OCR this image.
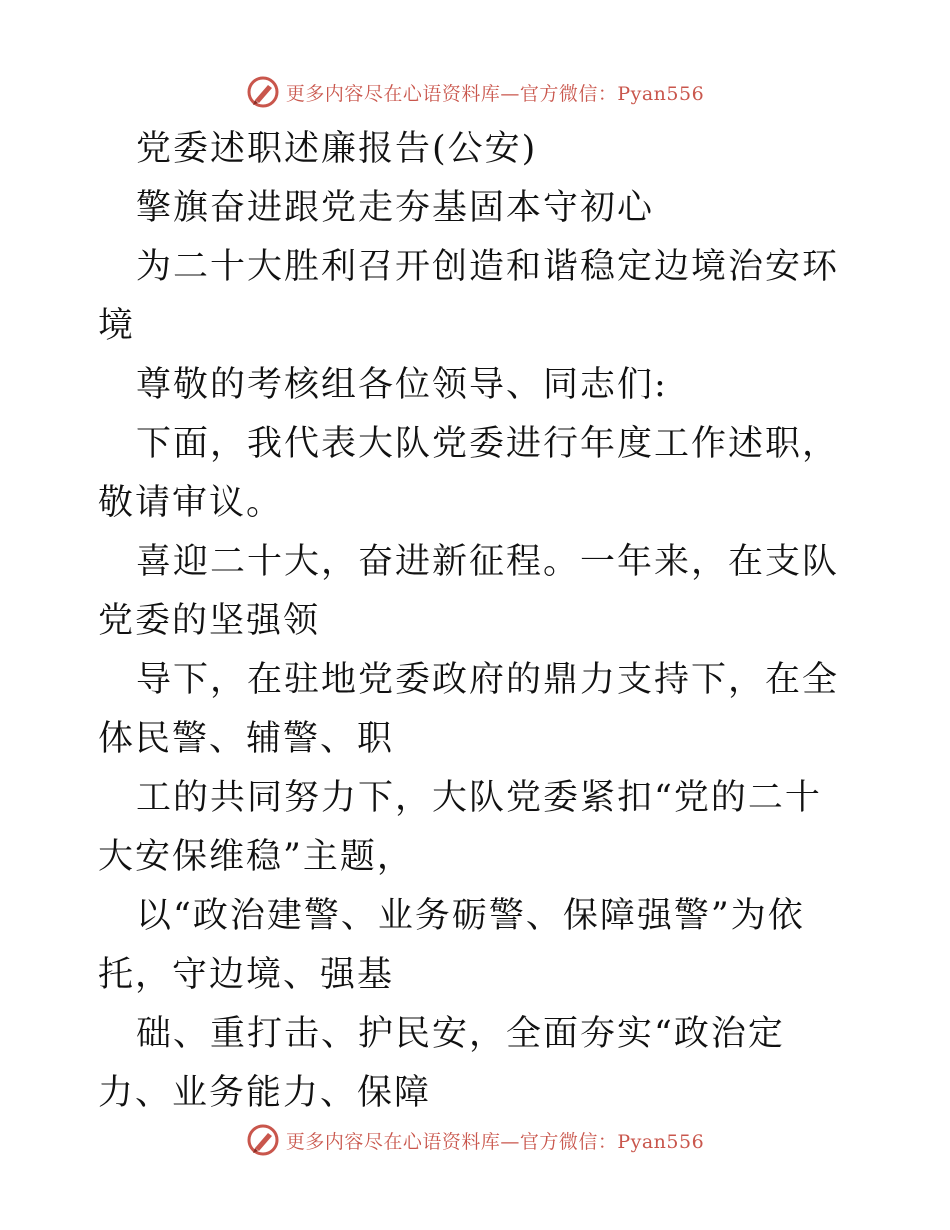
更多内容尽在心语资料库—官方微信：Pyan556

党委述职述廉报告(公安)

擎旗奋进跟党走夯基固本守初心

为二十大胜利召开创造和谐稳定边境治安环境

尊敬的考核组各位领导、同志们:

下面，我代表大队党委进行年度工作述职，敬请审议。

喜迎二十大，奋进新征程。一年来，在支队党委的坚强领

导下，在驻地党委政府的鼎力支持下，在全体民警、辅警、职

工的共同努力下，大队党委紧扣“党的二十大安保维稳”主题，

以“政治建警、业务砺警、保障强警”为依托，守边境、强基

础、重打击、护民安，全面夯实“政治定力、业务能力、保障

更多内容尽在心语资料库—官方微信：Pyan556
